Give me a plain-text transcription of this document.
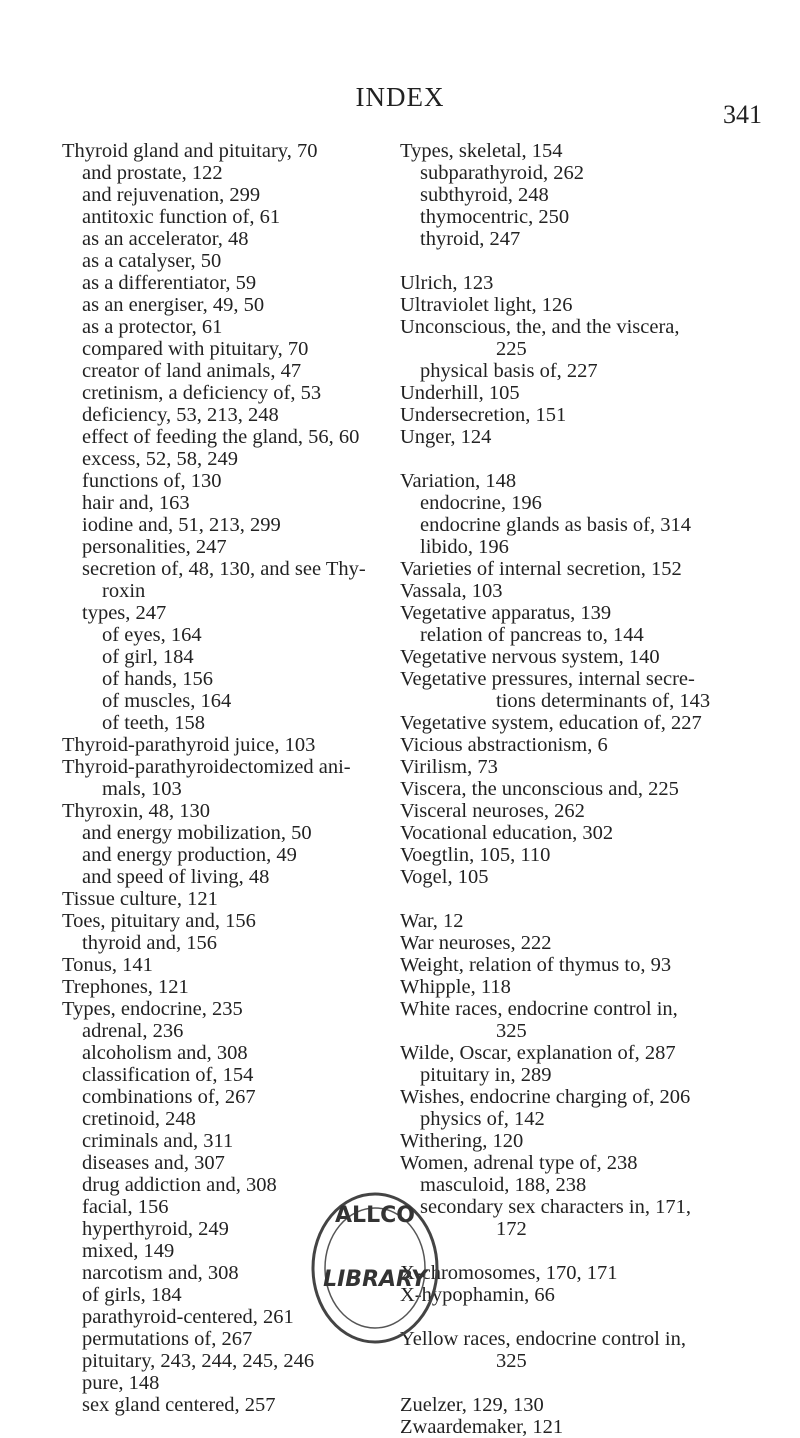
INDEX
341
Thyroid gland and pituitary, 70
and prostate, 122
and rejuvenation, 299
antitoxic function of, 61
as an accelerator, 48
as a catalyser, 50
as a differentiator, 59
as an energiser, 49, 50
as a protector, 61
compared with pituitary, 70
creator of land animals, 47
cretinism, a deficiency of, 53
deficiency, 53, 213, 248
effect of feeding the gland, 56, 60
excess, 52, 58, 249
functions of, 130
hair and, 163
iodine and, 51, 213, 299
personalities, 247
secretion of, 48, 130, and see Thy-
roxin
types, 247
of eyes, 164
of girl, 184
of hands, 156
of muscles, 164
of teeth, 158
Thyroid-parathyroid juice, 103
Thyroid-parathyroidectomized ani-
mals, 103
Thyroxin, 48, 130
and energy mobilization, 50
and energy production, 49
and speed of living, 48
Tissue culture, 121
Toes, pituitary and, 156
thyroid and, 156
Tonus, 141
Trephones, 121
Types, endocrine, 235
adrenal, 236
alcoholism and, 308
classification of, 154
combinations of, 267
cretinoid, 248
criminals and, 311
diseases and, 307
drug addiction and, 308
facial, 156
hyperthyroid, 249
mixed, 149
narcotism and, 308
of girls, 184
parathyroid-centered, 261
permutations of, 267
pituitary, 243, 244, 245, 246
pure, 148
sex gland centered, 257
Types, skeletal, 154
subparathyroid, 262
subthyroid, 248
thymocentric, 250
thyroid, 247
Ulrich, 123
Ultraviolet light, 126
Unconscious, the, and the viscera,
225
physical basis of, 227
Underhill, 105
Undersecretion, 151
Unger, 124
Variation, 148
endocrine, 196
endocrine glands as basis of, 314
libido, 196
Varieties of internal secretion, 152
Vassala, 103
Vegetative apparatus, 139
relation of pancreas to, 144
Vegetative nervous system, 140
Vegetative pressures, internal secre-
tions determinants of, 143
Vegetative system, education of, 227
Vicious abstractionism, 6
Virilism, 73
Viscera, the unconscious and, 225
Visceral neuroses, 262
Vocational education, 302
Voegtlin, 105, 110
Vogel, 105
War, 12
War neuroses, 222
Weight, relation of thymus to, 93
Whipple, 118
White races, endocrine control in,
325
Wilde, Oscar, explanation of, 287
pituitary in, 289
Wishes, endocrine charging of, 206
physics of, 142
Withering, 120
Women, adrenal type of, 238
masculoid, 188, 238
secondary sex characters in, 171,
172
X-chromosomes, 170, 171
X-hypophamin, 66
Yellow races, endocrine control in,
325
Zuelzer, 129, 130
Zwaardemaker, 121
ALLCO
LIBRARY
